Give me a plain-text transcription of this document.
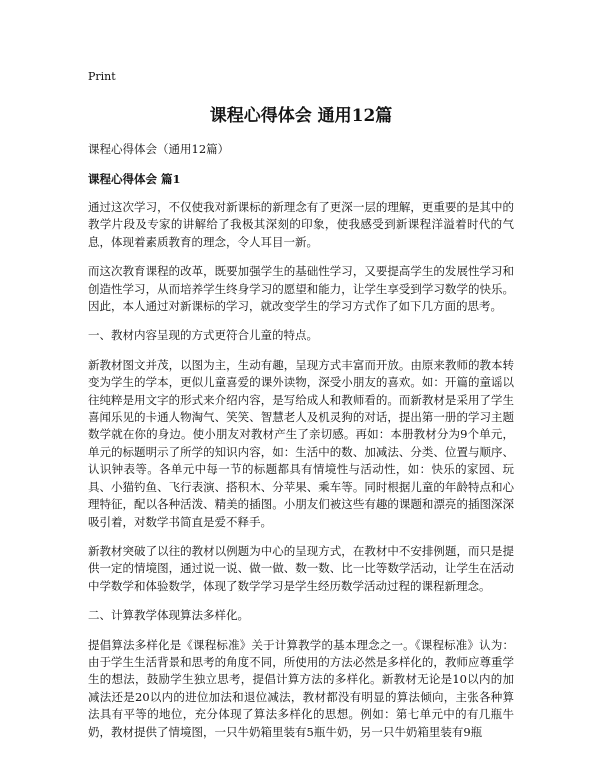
Print
课程心得体会 通用12篇
课程心得体会（通用12篇）
课程心得体会 篇1

通过这次学习，不仅使我对新课标的新理念有了更深一层的理解，更重要的是其中的教学片段及专家的讲解给了我极其深刻的印象，使我感受到新课程洋溢着时代的气息，体现着素质教育的理念，令人耳目一新。

而这次教育课程的改革，既要加强学生的基础性学习，又要提高学生的发展性学习和创造性学习，从而培养学生终身学习的愿望和能力，让学生享受到学习数学的快乐。因此，本人通过对新课标的学习，就改变学生的学习方式作了如下几方面的思考。

一、教材内容呈现的方式更符合儿童的特点。

新教材图文并茂，以图为主，生动有趣，呈现方式丰富而开放。由原来教师的教本转变为学生的学本，更似儿童喜爱的课外读物，深受小朋友的喜欢。如：开篇的童谣以往纯粹是用文字的形式来介绍内容，是写给成人和教师看的。而新教材是采用了学生喜闻乐见的卡通人物淘气、笑笑、智慧老人及机灵狗的对话，提出第一册的学习主题数学就在你的身边。使小朋友对教材产生了亲切感。再如：本册教材分为9个单元，单元的标题明示了所学的知识内容，如：生活中的数、加减法、分类、位置与顺序、认识钟表等。各单元中每一节的标题都具有情境性与活动性，如：快乐的家园、玩具、小猫钓鱼、飞行表演、搭积木、分苹果、乘车等。同时根据儿童的年龄特点和心理特征，配以各种活泼、精美的插图。小朋友们被这些有趣的课题和漂亮的插图深深吸引着，对数学书简直是爱不释手。

新教材突破了以往的教材以例题为中心的呈现方式，在教材中不安排例题，而只是提供一定的情境图，通过说一说、做一做、数一数、比一比等数学活动，让学生在活动中学数学和体验数学，体现了数学学习是学生经历数学活动过程的课程新理念。

二、计算教学体现算法多样化。

提倡算法多样化是《课程标准》关于计算教学的基本理念之一。《课程标准》认为：由于学生生活背景和思考的角度不同，所使用的方法必然是多样化的，教师应尊重学生的想法，鼓励学生独立思考，提倡计算方法的多样化。新教材无论是10以内的加减法还是20以内的进位加法和退位减法，教材都没有明显的算法倾向，主张各种算法具有平等的地位，充分体现了算法多样化的思想。例如：第七单元中的有几瓶牛奶，教材提供了情境图，一只牛奶箱里装有5瓶牛奶，另一只牛奶箱里装有9瓶
